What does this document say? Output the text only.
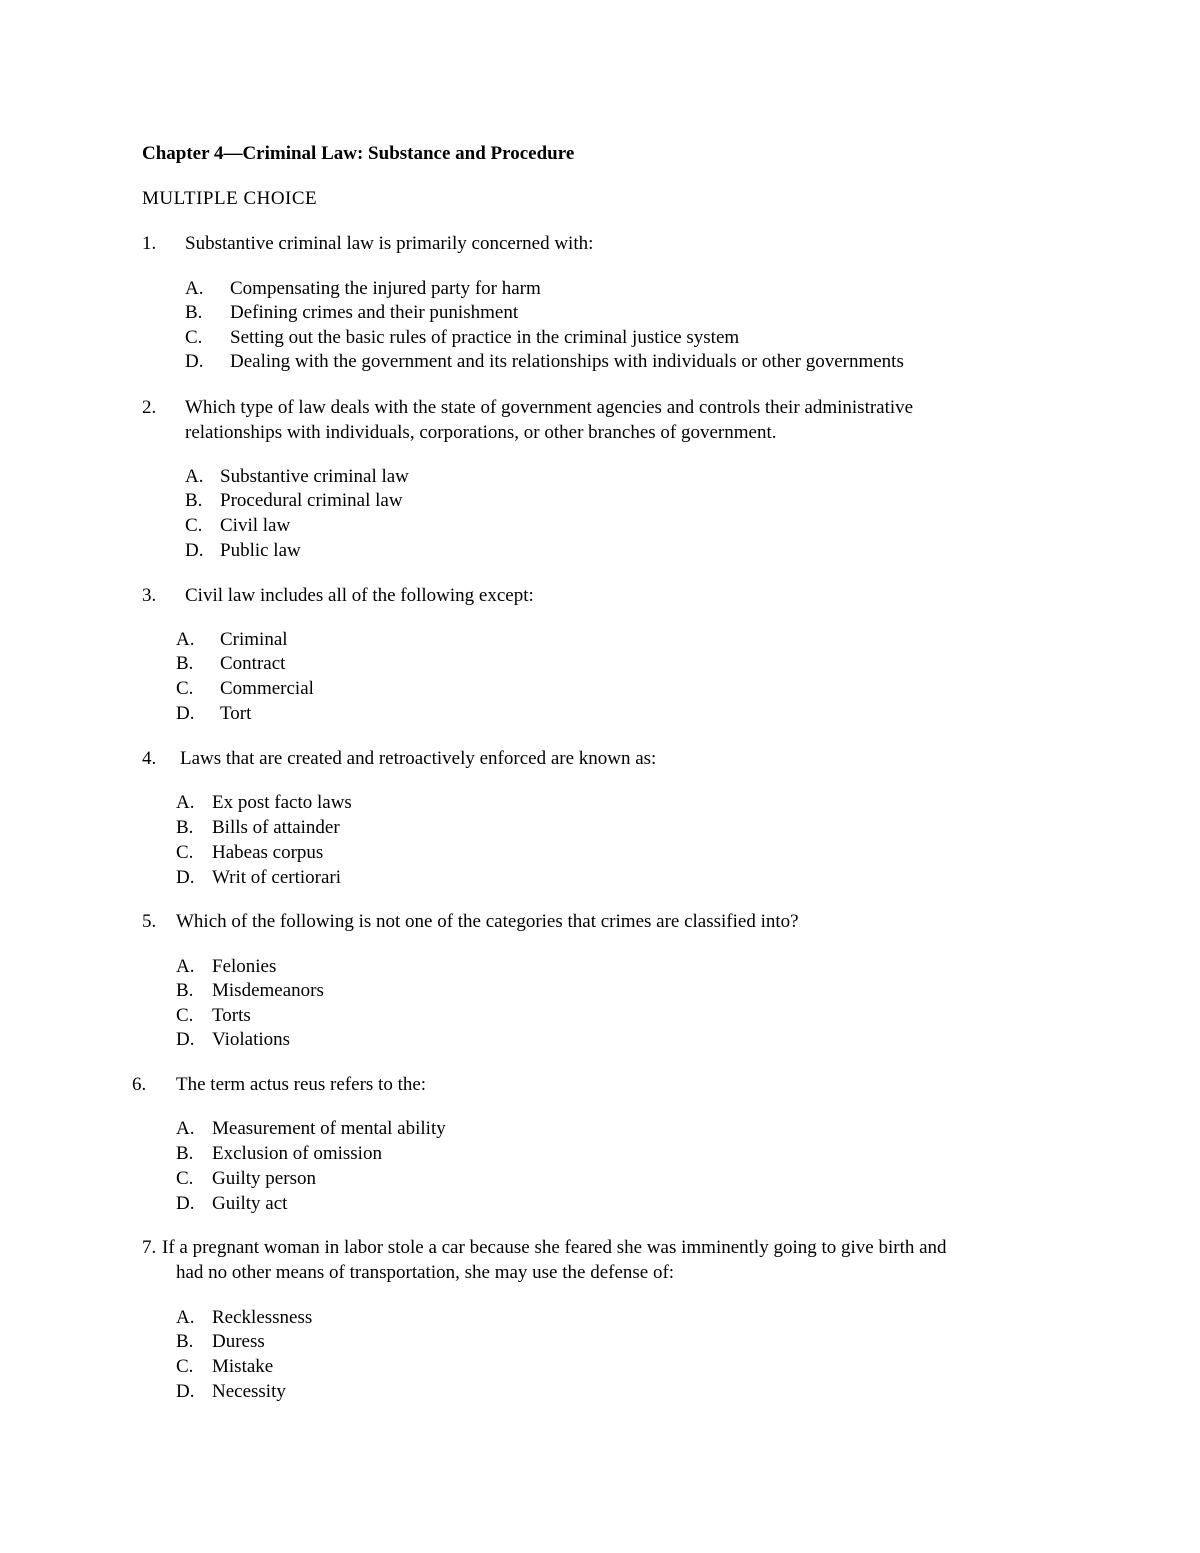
Chapter 4—Criminal Law: Substance and Procedure
MULTIPLE CHOICE
1. Substantive criminal law is primarily concerned with:
A. Compensating the injured party for harm
B. Defining crimes and their punishment
C. Setting out the basic rules of practice in the criminal justice system
D. Dealing with the government and its relationships with individuals or other governments
2. Which type of law deals with the state of government agencies and controls their administrative
relationships with individuals, corporations, or other branches of government.
A. Substantive criminal law
B. Procedural criminal law
C. Civil law
D. Public law
3. Civil law includes all of the following except:
A. Criminal
B. Contract
C. Commercial
D. Tort
4. Laws that are created and retroactively enforced are known as:
A. Ex post facto laws
B. Bills of attainder
C. Habeas corpus
D. Writ of certiorari
5. Which of the following is not one of the categories that crimes are classified into?
A. Felonies
B. Misdemeanors
C. Torts
D. Violations
6. The term actus reus refers to the:
A. Measurement of mental ability
B. Exclusion of omission
C. Guilty person
D. Guilty act
7. If a pregnant woman in labor stole a car because she feared she was imminently going to give birth and
had no other means of transportation, she may use the defense of:
A. Recklessness
B. Duress
C. Mistake
D. Necessity
